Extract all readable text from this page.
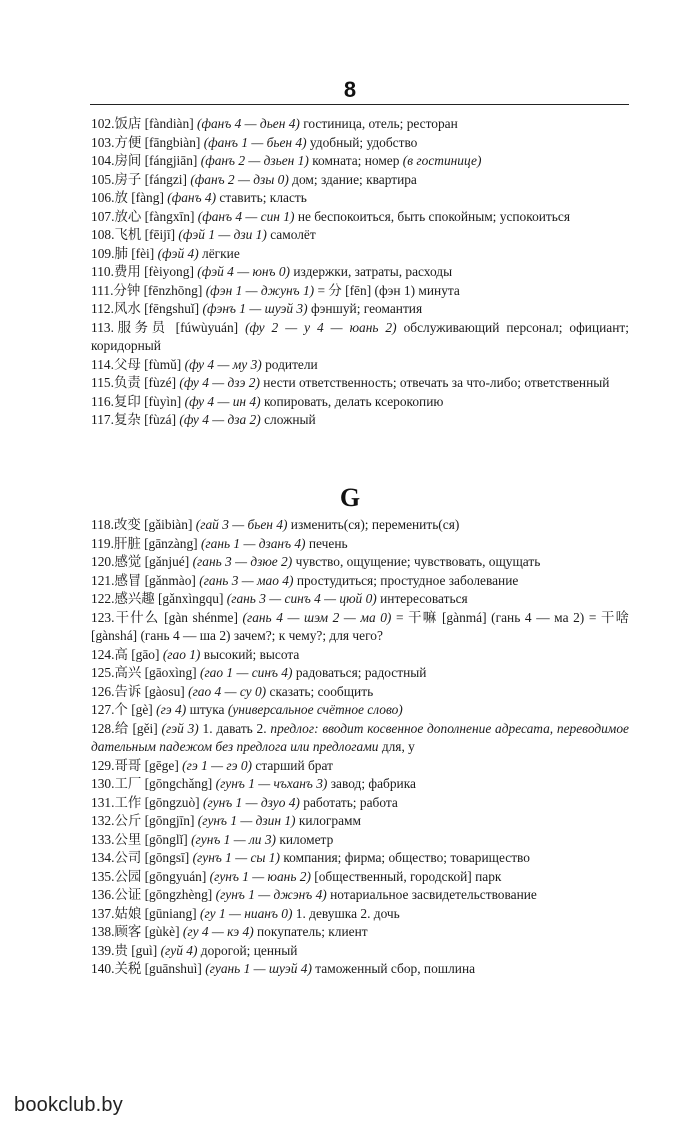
8

102.饭店 [fàndiàn] (фанъ 4 — дьен 4) гостиница, отель; ресторан

103.方便 [fāngbiàn] (фанъ 1 — бьен 4) удобный; удобство

104.房间 [fángjiān] (фанъ 2 — дзьен 1) комната; номер (в гостинице)

105.房子 [fángzi] (фанъ 2 — дзы 0) дом; здание; квартира

106.放 [fàng] (фанъ 4) ставить; класть

107.放心 [fàngxīn] (фанъ 4 — син 1) не беспокоиться, быть спокойным; успокоиться

108.飞机 [fēijī] (фэй 1 — дзи 1) самолёт

109.肺 [fèi] (фэй 4) лёгкие

110.费用 [fèiyong] (фэй 4 — юнъ 0) издержки, затраты, расходы

111.分钟 [fēnzhōng] (фэн 1 — джунъ 1) = 分 [fēn] (фэн 1) минута

112.风水 [fēngshuǐ] (фэнъ 1 — шуэй 3) фэншуй; геомантия

113.服务员 [fúwùyuán] (фу 2 — у 4 — юань 2) обслуживающий персонал; официант; коридорный

114.父母 [fùmǔ] (фу 4 — му 3) родители

115.负责 [fùzé] (фу 4 — дзэ 2) нести ответственность; отвечать за что-либо; ответственный

116.复印 [fùyìn] (фу 4 — ин 4) копировать, делать ксерокопию

117.复杂 [fùzá] (фу 4 — дза 2) сложный

G

118.改变 [gǎibiàn] (гай 3 — бьен 4) изменить(ся); переменить(ся)

119.肝脏 [gānzàng] (гань 1 — дзанъ 4) печень

120.感觉 [gǎnjué] (гань 3 — дзюе 2) чувство, ощущение; чувствовать, ощущать

121.感冒 [gǎnmào] (гань 3 — мао 4) простудиться; простудное заболевание

122.感兴趣 [gǎnxìngqu] (гань 3 — синъ 4 — цюй 0) интересоваться

123.干什么 [gàn shénme] (гань 4 — шэм 2 — ма 0) = 干嘛 [gànmá] (гань 4 — ма 2) = 干啥 [gànshá] (гань 4 — ша 2) зачем?; к чему?; для чего?

124.高 [gāo] (гао 1) высокий; высота

125.高兴 [gāoxìng] (гао 1 — синъ 4) радоваться; радостный

126.告诉 [gàosu] (гао 4 — су 0) сказать; сообщить

127.个 [gè] (гэ 4) штука (универсальное счётное слово)

128.给 [gěi] (гэй 3) 1. давать 2. предлог: вводит косвенное дополнение адресата, переводимое дательным падежом без предлога или предлогами для, у

129.哥哥 [gēge] (гэ 1 — гэ 0) старший брат

130.工厂 [gōngchǎng] (гунъ 1 — чъханъ 3) завод; фабрика

131.工作 [gōngzuò] (гунъ 1 — дзуо 4) работать; работа

132.公斤 [gōngjīn] (гунъ 1 — дзин 1) килограмм

133.公里 [gōnglǐ] (гунъ 1 — ли 3) километр

134.公司 [gōngsī] (гунъ 1 — сы 1) компания; фирма; общество; товарищество

135.公园 [gōngyuán] (гунъ 1 — юань 2) [общественный, городской] парк

136.公证 [gōngzhèng] (гунъ 1 — джэнъ 4) нотариальное засвидетельствование

137.姑娘 [gūniang] (гу 1 — нианъ 0) 1. девушка 2. дочь

138.顾客 [gùkè] (гу 4 — кэ 4) покупатель; клиент

139.贵 [guì] (гуй 4) дорогой; ценный

140.关税 [guānshuì] (гуань 1 — шуэй 4) таможенный сбор, пошлина

bookclub.by
